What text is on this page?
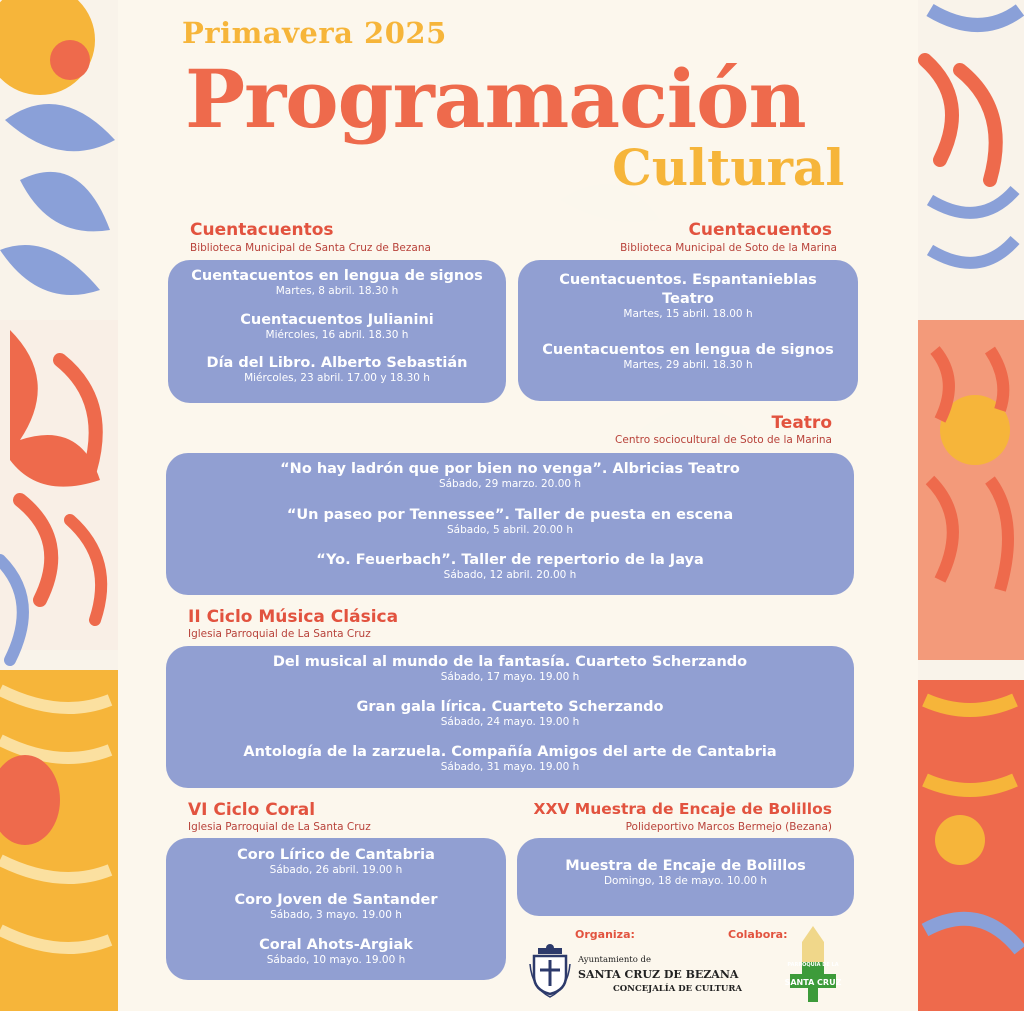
Primavera 2025
Programación
Cultural
Cuentacuentos
Biblioteca Municipal de Santa Cruz de Bezana
Cuentacuentos en lengua de signos
Martes, 8 abril. 18.30 h
Cuentacuentos Julianini
Miércoles, 16 abril. 18.30 h
Día del Libro. Alberto Sebastián
Miércoles, 23 abril. 17.00 y 18.30 h
Cuentacuentos
Biblioteca Municipal de Soto de la Marina
Cuentacuentos. Espantanieblas
Teatro
Martes, 15 abril. 18.00 h
Cuentacuentos en lengua de signos
Martes, 29 abril. 18.30 h
Teatro
Centro sociocultural de Soto de la Marina
“No hay ladrón que por bien no venga”. Albricias Teatro
Sábado, 29 marzo. 20.00 h
“Un paseo por Tennessee”. Taller de puesta en escena
Sábado, 5 abril. 20.00 h
“Yo. Feuerbach”. Taller de repertorio de la Jaya
Sábado, 12 abril. 20.00 h
II Ciclo Música Clásica
Iglesia Parroquial de La Santa Cruz
Del musical al mundo de la fantasía. Cuarteto Scherzando
Sábado, 17 mayo. 19.00 h
Gran gala lírica. Cuarteto Scherzando
Sábado, 24 mayo. 19.00 h
Antología de la zarzuela. Compañía Amigos del arte de Cantabria
Sábado, 31 mayo. 19.00 h
VI Ciclo Coral
Iglesia Parroquial de La Santa Cruz
Coro Lírico de Cantabria
Sábado, 26 abril. 19.00 h
Coro Joven de Santander
Sábado, 3 mayo. 19.00 h
Coral Ahots-Argiak
Sábado, 10 mayo. 19.00 h
XXV Muestra de Encaje de Bolillos
Polideportivo Marcos Bermejo (Bezana)
Muestra de Encaje de Bolillos
Domingo, 18 de mayo. 10.00 h
Organiza:	Colabora:
Ayuntamiento de
SANTA CRUZ DE BEZANA
CONCEJALÍA DE CULTURA
PARROQUIA DE LA
SANTA CRUZ
